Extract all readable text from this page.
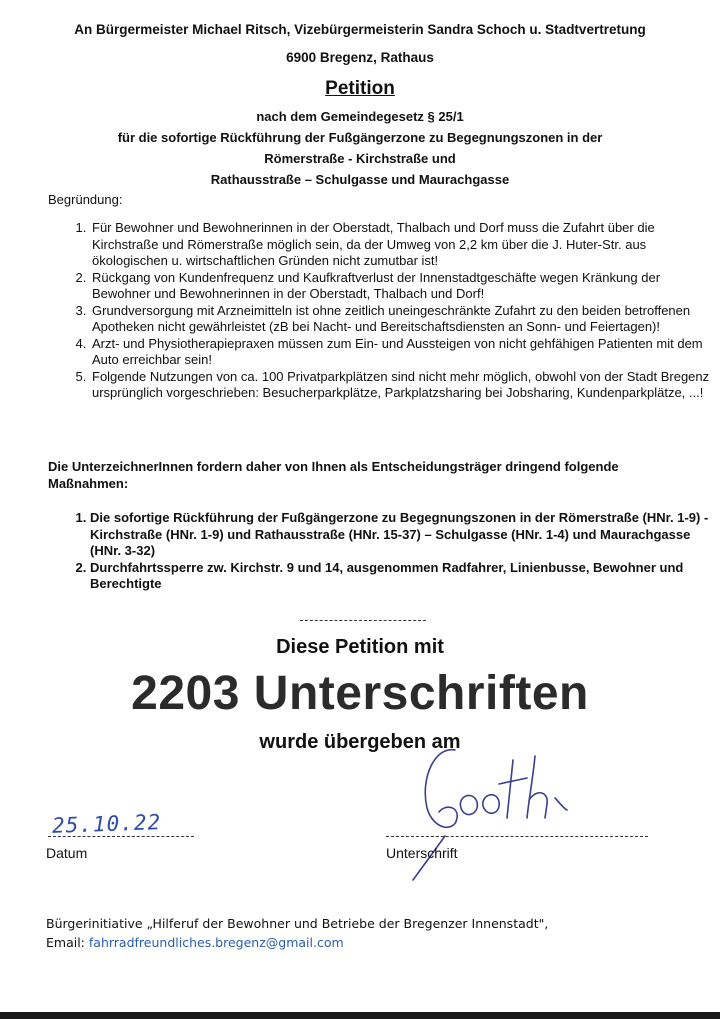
An Bürgermeister Michael Ritsch, Vizebürgermeisterin Sandra Schoch u. Stadtvertretung
6900 Bregenz, Rathaus
Petition
nach dem Gemeindegesetz § 25/1
für die sofortige Rückführung der Fußgängerzone zu Begegnungszonen in der
Römerstraße - Kirchstraße und
Rathausstraße – Schulgasse und Maurachgasse
Begründung:
1. Für Bewohner und Bewohnerinnen in der Oberstadt, Thalbach und Dorf muss die Zufahrt über die Kirchstraße und Römerstraße möglich sein, da der Umweg von 2,2 km über die J. Huter-Str. aus ökologischen u. wirtschaftlichen Gründen nicht zumutbar ist!
2. Rückgang von Kundenfrequenz und Kaufkraftverlust der Innenstadtgeschäfte wegen Kränkung der Bewohner und Bewohnerinnen in der Oberstadt, Thalbach und Dorf!
3. Grundversorgung mit Arzneimitteln ist ohne zeitlich uneingeschränkte Zufahrt zu den beiden betroffenen Apotheken nicht gewährleistet (zB bei Nacht- und Bereitschaftsdiensten an Sonn- und Feiertagen)!
4. Arzt- und Physiotherapiepraxen müssen zum Ein- und Aussteigen von nicht gehfähigen Patienten mit dem Auto erreichbar sein!
5. Folgende Nutzungen von ca. 100 Privatparkplätzen sind nicht mehr möglich, obwohl von der Stadt Bregenz ursprünglich vorgeschrieben: Besucherparkplätze, Parkplatzsharing bei Jobsharing, Kundenparkplätze, ...!
Die UnterzeichnerInnen fordern daher von Ihnen als Entscheidungsträger dringend folgende Maßnahmen:
1. Die sofortige Rückführung der Fußgängerzone zu Begegnungszonen in der Römerstraße (HNr. 1-9) - Kirchstraße (HNr. 1-9) und Rathausstraße (HNr. 15-37) – Schulgasse (HNr. 1-4) und Maurachgasse (HNr. 3-32)
2. Durchfahrtssperre zw. Kirchstr. 9 und 14, ausgenommen Radfahrer, Linienbusse, Bewohner und Berechtigte
Diese Petition mit
2203 Unterschriften
wurde übergeben am
25.10.22
Datum	Unterschrift
Bürgerinitiative „Hilferuf der Bewohner und Betriebe der Bregenzer Innenstadt",
Email: fahrradfreundliches.bregenz@gmail.com
